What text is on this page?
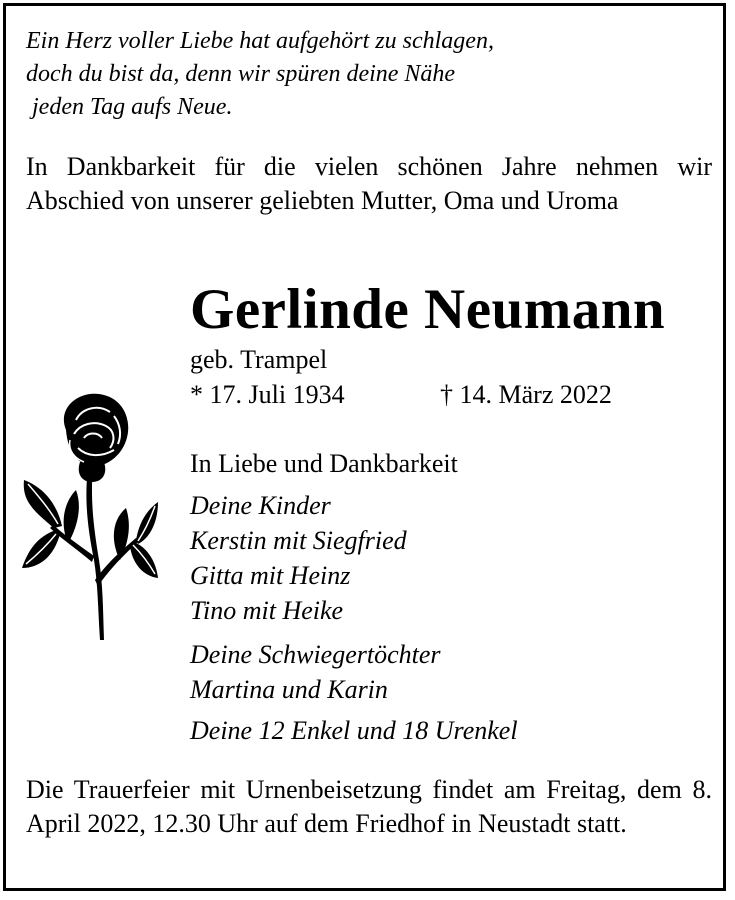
Ein Herz voller Liebe hat aufgehört zu schlagen,
doch du bist da, denn wir spüren deine Nähe
jeden Tag aufs Neue.
In Dankbarkeit für die vielen schönen Jahre nehmen wir Abschied von unserer geliebten Mutter, Oma und Uroma
Gerlinde Neumann
geb. Trampel
* 17. Juli 1934	† 14. März 2022
In Liebe und Dankbarkeit
Deine Kinder
Kerstin mit Siegfried
Gitta mit Heinz
Tino mit Heike
Deine Schwiegertöchter
Martina und Karin
Deine 12 Enkel und 18 Urenkel
Die Trauerfeier mit Urnenbeisetzung findet am Freitag, dem 8. April 2022, 12.30 Uhr auf dem Friedhof in Neustadt statt.
